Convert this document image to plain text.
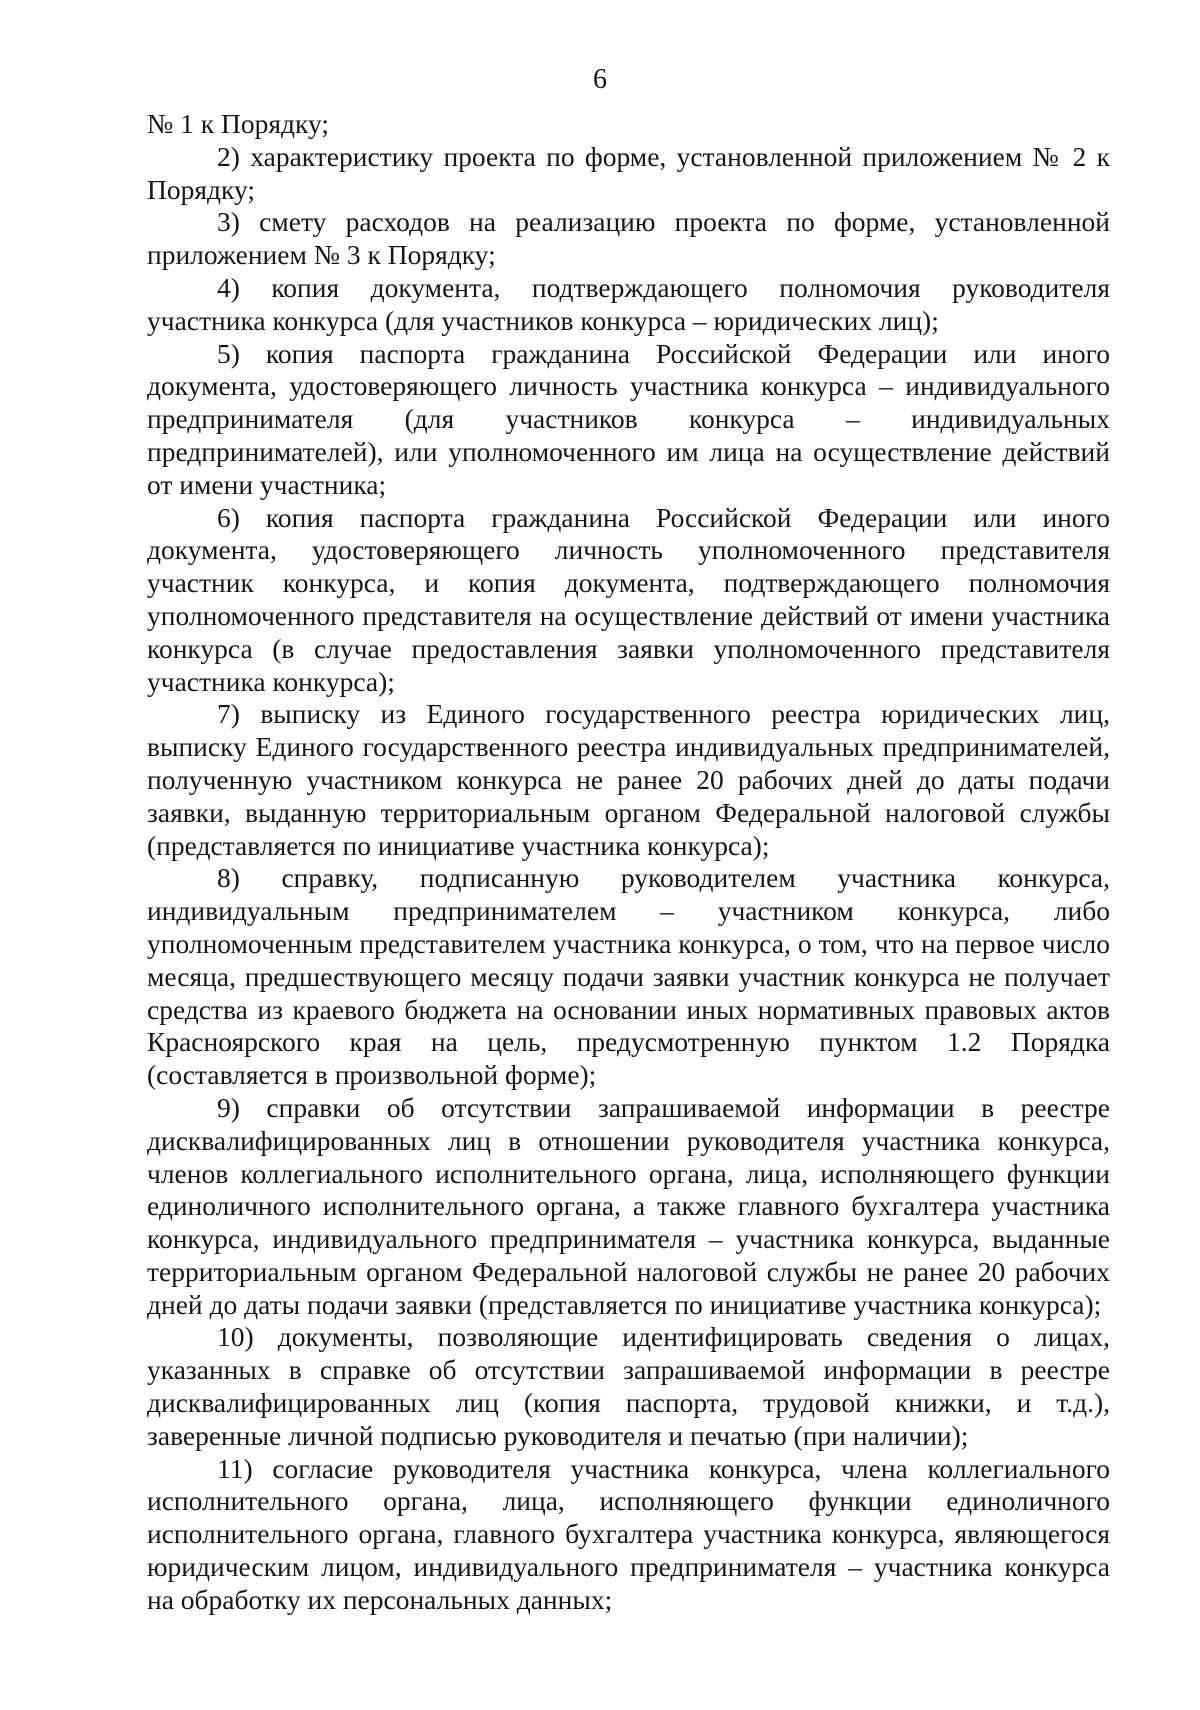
6

№ 1 к Порядку;

2) характеристику проекта по форме, установленной приложением № 2 к Порядку;

3) смету расходов на реализацию проекта по форме, установленной приложением № 3 к Порядку;

4) копия документа, подтверждающего полномочия руководителя участника конкурса (для участников конкурса – юридических лиц);

5) копия паспорта гражданина Российской Федерации или иного документа, удостоверяющего личность участника конкурса – индивидуального предпринимателя (для участников конкурса – индивидуальных предпринимателей), или уполномоченного им лица на осуществление действий от имени участника;

6) копия паспорта гражданина Российской Федерации или иного документа, удостоверяющего личность уполномоченного представителя участник конкурса, и копия документа, подтверждающего полномочия уполномоченного представителя на осуществление действий от имени участника конкурса (в случае предоставления заявки уполномоченного представителя участника конкурса);

7) выписку из Единого государственного реестра юридических лиц, выписку Единого государственного реестра индивидуальных предпринимателей, полученную участником конкурса не ранее 20 рабочих дней до даты подачи заявки, выданную территориальным органом Федеральной налоговой службы (представляется по инициативе участника конкурса);

8) справку, подписанную руководителем участника конкурса, индивидуальным предпринимателем – участником конкурса, либо уполномоченным представителем участника конкурса, о том, что на первое число месяца, предшествующего месяцу подачи заявки участник конкурса не получает средства из краевого бюджета на основании иных нормативных правовых актов Красноярского края на цель, предусмотренную пунктом 1.2 Порядка (составляется в произвольной форме);

9) справки об отсутствии запрашиваемой информации в реестре дисквалифицированных лиц в отношении руководителя участника конкурса, членов коллегиального исполнительного органа, лица, исполняющего функции единоличного исполнительного органа, а также главного бухгалтера участника конкурса, индивидуального предпринимателя – участника конкурса, выданные территориальным органом Федеральной налоговой службы не ранее 20 рабочих дней до даты подачи заявки (представляется по инициативе участника конкурса);

10) документы, позволяющие идентифицировать сведения о лицах, указанных в справке об отсутствии запрашиваемой информации в реестре дисквалифицированных лиц (копия паспорта, трудовой книжки, и т.д.), заверенные личной подписью руководителя и печатью (при наличии);

11) согласие руководителя участника конкурса, члена коллегиального исполнительного органа, лица, исполняющего функции единоличного исполнительного органа, главного бухгалтера участника конкурса, являющегося юридическим лицом, индивидуального предпринимателя – участника конкурса на обработку их персональных данных;
